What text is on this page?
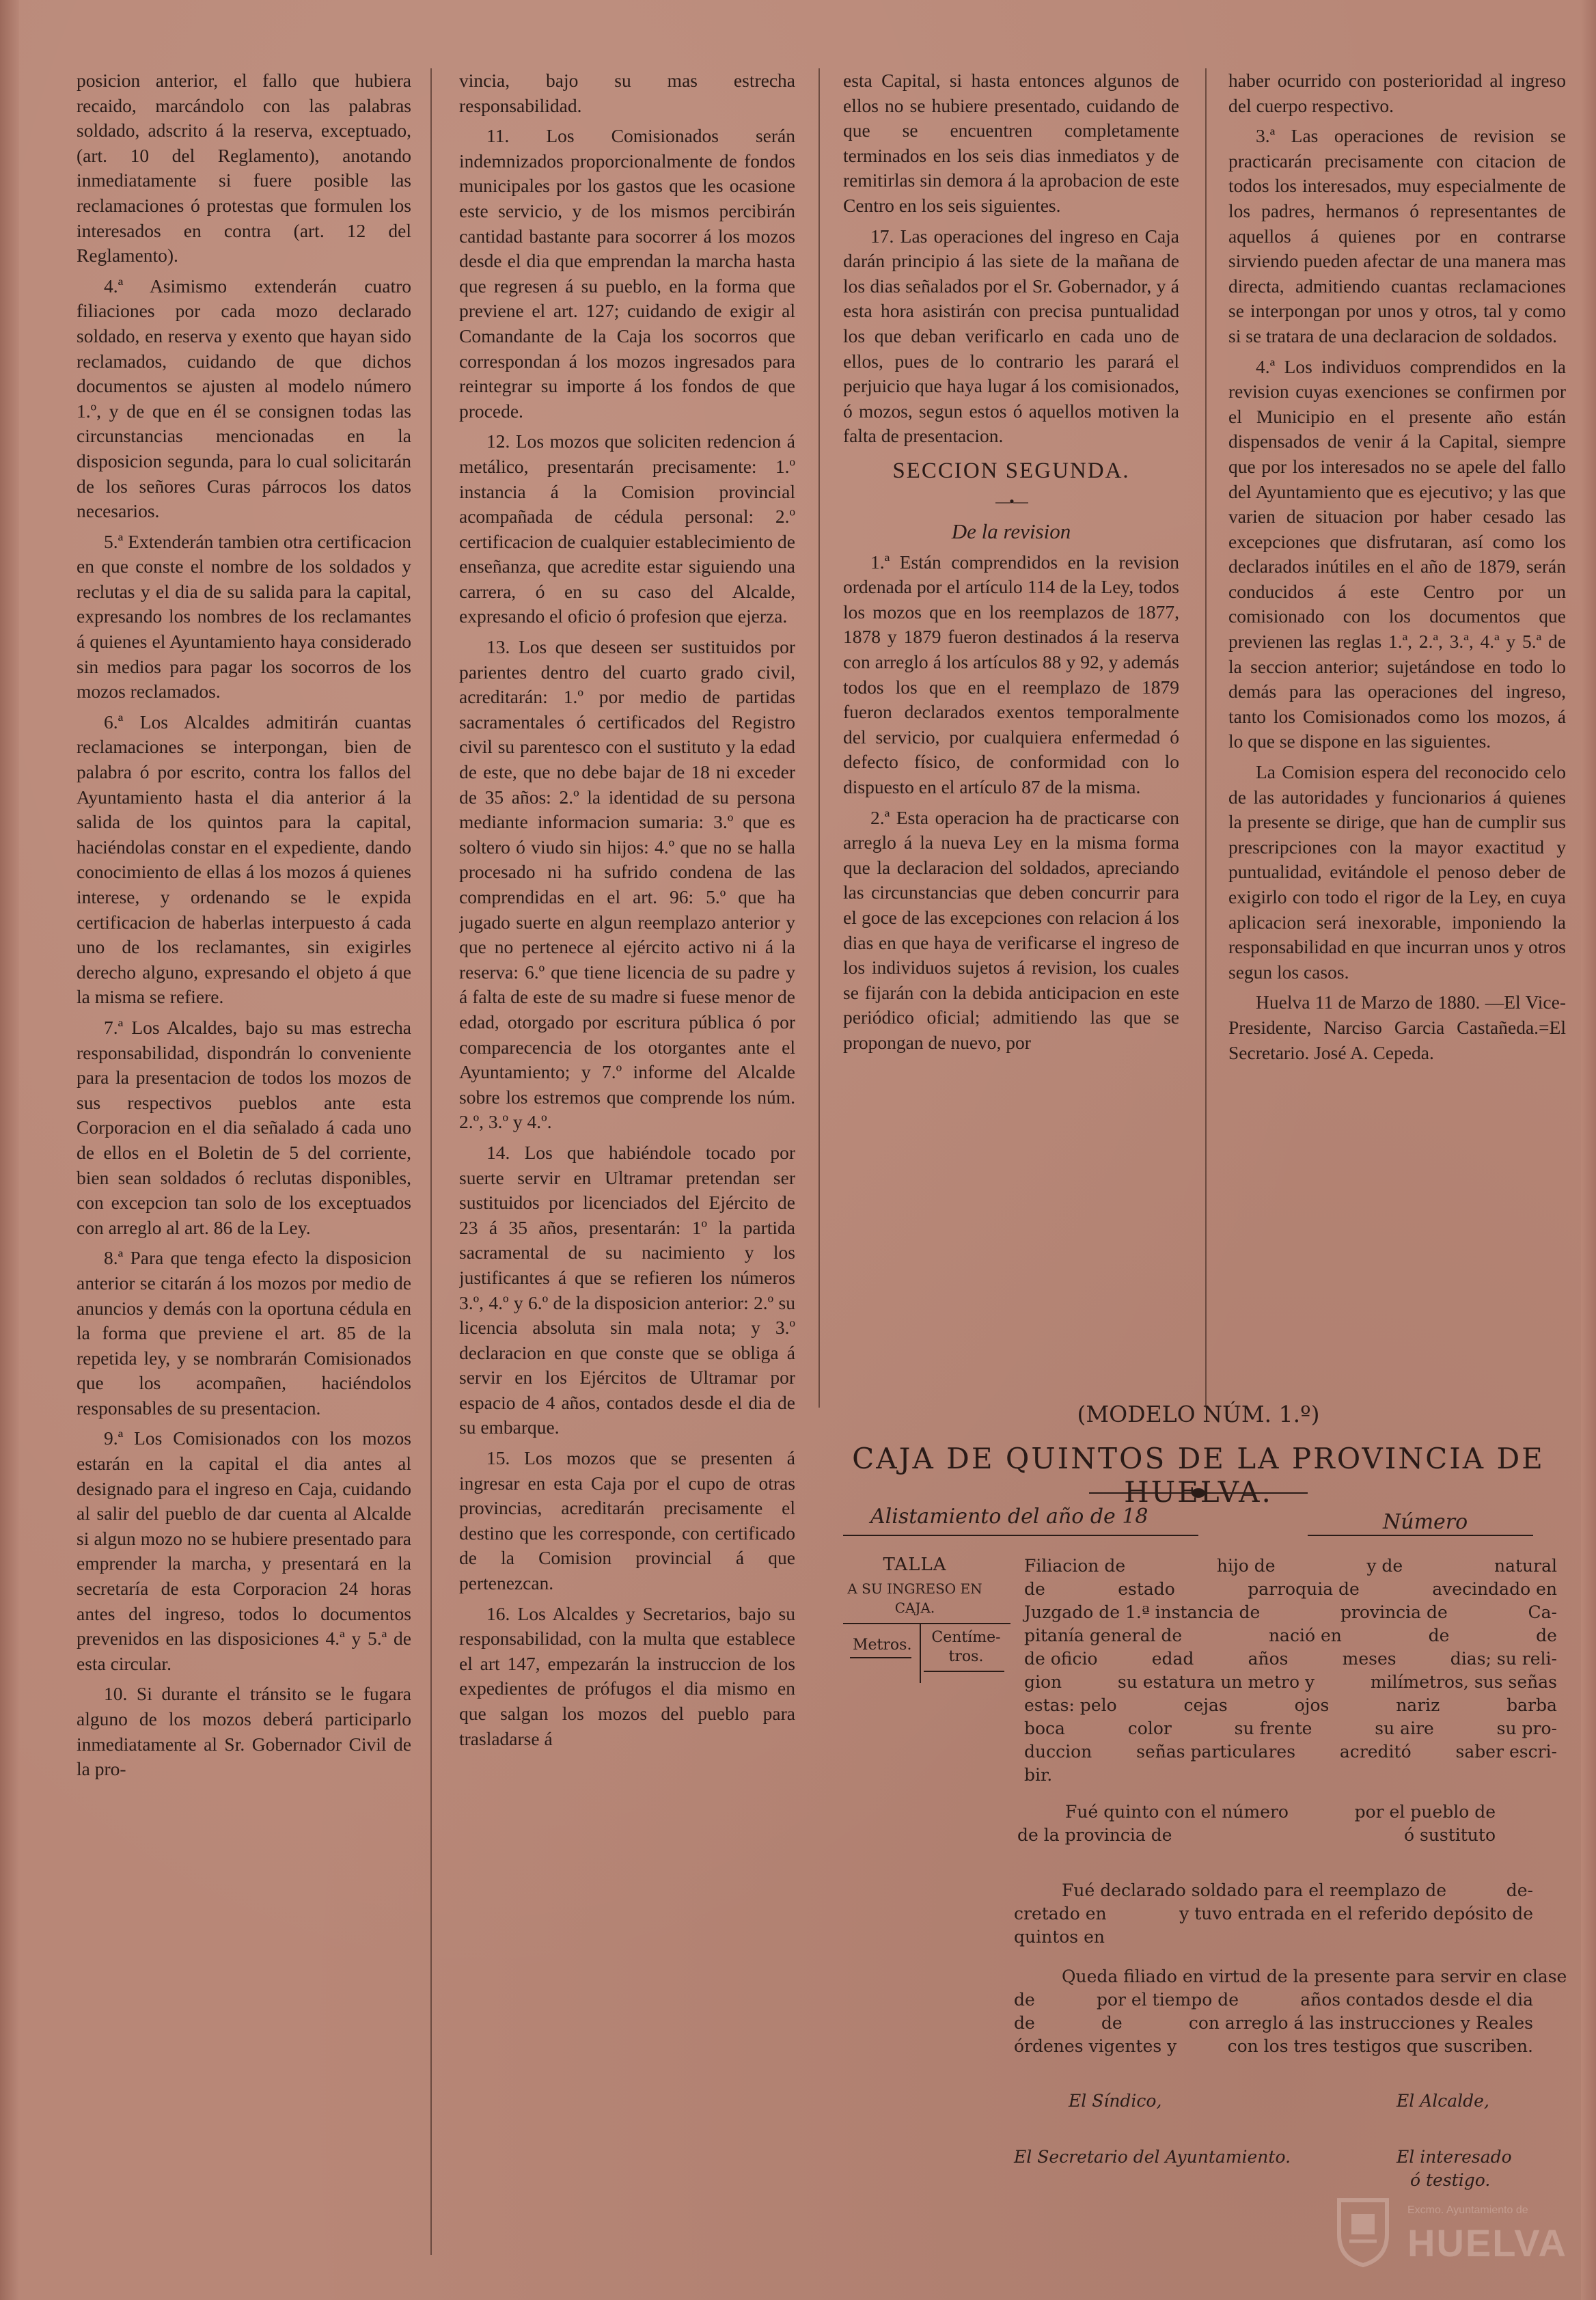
posicion anterior, el fallo que hubiera recaido, marcándolo con las palabras soldado, adscrito á la reserva, exceptuado, (art. 10 del Reglamento), anotando inmediatamente si fuere posible las reclamaciones ó protestas que formulen los interesados en contra (art. 12 del Reglamento).

4.ª Asimismo extenderán cuatro filiaciones por cada mozo declarado soldado, en reserva y exento que hayan sido reclamados, cuidando de que dichos documentos se ajusten al modelo número 1.º, y de que en él se consignen todas las circunstancias mencionadas en la disposicion segunda, para lo cual solicitarán de los señores Curas párrocos los datos necesarios.

5.ª Extenderán tambien otra certificacion en que conste el nombre de los soldados y reclutas y el dia de su salida para la capital, expresando los nombres de los reclamantes á quienes el Ayuntamiento haya considerado sin medios para pagar los socorros de los mozos reclamados.

6.ª Los Alcaldes admitirán cuantas reclamaciones se interpongan, bien de palabra ó por escrito, contra los fallos del Ayuntamiento hasta el dia anterior á la salida de los quintos para la capital, haciéndolas constar en el expediente, dando conocimiento de ellas á los mozos á quienes interese, y ordenando se le expida certificacion de haberlas interpuesto á cada uno de los reclamantes, sin exigirles derecho alguno, expresando el objeto á que la misma se refiere.

7.ª Los Alcaldes, bajo su mas estrecha responsabilidad, dispondrán lo conveniente para la presentacion de todos los mozos de sus respectivos pueblos ante esta Corporacion en el dia señalado á cada uno de ellos en el Boletin de 5 del corriente, bien sean soldados ó reclutas disponibles, con excepcion tan solo de los exceptuados con arreglo al art. 86 de la Ley.

8.ª Para que tenga efecto la disposicion anterior se citarán á los mozos por medio de anuncios y demás con la oportuna cédula en la forma que previene el art. 85 de la repetida ley, y se nombrarán Comisionados que los acompañen, haciéndolos responsables de su presentacion.

9.ª Los Comisionados con los mozos estarán en la capital el dia antes al designado para el ingreso en Caja, cuidando al salir del pueblo de dar cuenta al Alcalde si algun mozo no se hubiere presentado para emprender la marcha, y presentará en la secretaría de esta Corporacion 24 horas antes del ingreso, todos lo documentos prevenidos en las disposiciones 4.ª y 5.ª de esta circular.

10. Si durante el tránsito se le fugara alguno de los mozos deberá participarlo inmediatamente al Sr. Gobernador Civil de la pro-

vincia, bajo su mas estrecha responsabilidad.

11. Los Comisionados serán indemnizados proporcionalmente de fondos municipales por los gastos que les ocasione este servicio, y de los mismos percibirán cantidad bastante para socorrer á los mozos desde el dia que emprendan la marcha hasta que regresen á su pueblo, en la forma que previene el art. 127; cuidando de exigir al Comandante de la Caja los socorros que correspondan á los mozos ingresados para reintegrar su importe á los fondos de que procede.

12. Los mozos que soliciten redencion á metálico, presentarán precisamente: 1.º instancia á la Comision provincial acompañada de cédula personal: 2.º certificacion de cualquier establecimiento de enseñanza, que acredite estar siguiendo una carrera, ó en su caso del Alcalde, expresando el oficio ó profesion que ejerza.

13. Los que deseen ser sustituidos por parientes dentro del cuarto grado civil, acreditarán: 1.º por medio de partidas sacramentales ó certificados del Registro civil su parentesco con el sustituto y la edad de este, que no debe bajar de 18 ni exceder de 35 años: 2.º la identidad de su persona mediante informacion sumaria: 3.º que es soltero ó viudo sin hijos: 4.º que no se halla procesado ni ha sufrido condena de las comprendidas en el art. 96: 5.º que ha jugado suerte en algun reemplazo anterior y que no pertenece al ejército activo ni á la reserva: 6.º que tiene licencia de su padre y á falta de este de su madre si fuese menor de edad, otorgado por escritura pública ó por comparecencia de los otorgantes ante el Ayuntamiento; y 7.º informe del Alcalde sobre los estremos que comprende los núm. 2.º, 3.º y 4.º.

14. Los que habiéndole tocado por suerte servir en Ultramar pretendan ser sustituidos por licenciados del Ejército de 23 á 35 años, presentarán: 1º la partida sacramental de su nacimiento y los justificantes á que se refieren los números 3.º, 4.º y 6.º de la disposicion anterior: 2.º su licencia absoluta sin mala nota; y 3.º declaracion en que conste que se obliga á servir en los Ejércitos de Ultramar por espacio de 4 años, contados desde el dia de su embarque.

15. Los mozos que se presenten á ingresar en esta Caja por el cupo de otras provincias, acreditarán precisamente el destino que les corresponde, con certificado de la Comision provincial á que pertenezcan.

16. Los Alcaldes y Secretarios, bajo su responsabilidad, con la multa que establece el art 147, empezarán la instruccion de los expedientes de prófugos el dia mismo en que salgan los mozos del pueblo para trasladarse á

esta Capital, si hasta entonces algunos de ellos no se hubiere presentado, cuidando de que se encuentren completamente terminados en los seis dias inmediatos y de remitirlas sin demora á la aprobacion de este Centro en los seis siguientes.

17. Las operaciones del ingreso en Caja darán principio á las siete de la mañana de los dias señalados por el Sr. Gobernador, y á esta hora asistirán con precisa puntualidad los que deban verificarlo en cada uno de ellos, pues de lo contrario les parará el perjuicio que haya lugar á los comisionados, ó mozos, segun estos ó aquellos motiven la falta de presentacion.

SECCION SEGUNDA.

—•—

De la revision

1.ª Están comprendidos en la revision ordenada por el artículo 114 de la Ley, todos los mozos que en los reemplazos de 1877, 1878 y 1879 fueron destinados á la reserva con arreglo á los artículos 88 y 92, y además todos los que en el reemplazo de 1879 fueron declarados exentos temporalmente del servicio, por cualquiera enfermedad ó defecto físico, de conformidad con lo dispuesto en el artículo 87 de la misma.

2.ª Esta operacion ha de practicarse con arreglo á la nueva Ley en la misma forma que la declaracion del soldados, apreciando las circunstancias que deben concurrir para el goce de las excepciones con relacion á los dias en que haya de verificarse el ingreso de los individuos sujetos á revision, los cuales se fijarán con la debida anticipacion en este periódico oficial; admitiendo las que se propongan de nuevo, por

haber ocurrido con posterioridad al ingreso del cuerpo respectivo.

3.ª Las operaciones de revision se practicarán precisamente con citacion de todos los interesados, muy especialmente de los padres, hermanos ó representantes de aquellos á quienes por en contrarse sirviendo pueden afectar de una manera mas directa, admitiendo cuantas reclamaciones se interpongan por unos y otros, tal y como si se tratara de una declaracion de soldados.

4.ª Los individuos comprendidos en la revision cuyas exenciones se confirmen por el Municipio en el presente año están dispensados de venir á la Capital, siempre que por los interesados no se apele del fallo del Ayuntamiento que es ejecutivo; y las que varien de situacion por haber cesado las excepciones que disfrutaran, así como los declarados inútiles en el año de 1879, serán conducidos á este Centro por un comisionado con los documentos que previenen las reglas 1.ª, 2.ª, 3.ª, 4.ª y 5.ª de la seccion anterior; sujetándose en todo lo demás para las operaciones del ingreso, tanto los Comisionados como los mozos, á lo que se dispone en las siguientes.

La Comision espera del reconocido celo de las autoridades y funcionarios á quienes la presente se dirige, que han de cumplir sus prescripciones con la mayor exactitud y puntualidad, evitándole el penoso deber de exigirlo con todo el rigor de la Ley, en cuya aplicacion será inexorable, imponiendo la responsabilidad en que incurran unos y otros segun los casos.

Huelva 11 de Marzo de 1880. —El Vice-Presidente, Narciso Garcia Castañeda.=El Secretario. José A. Cepeda.

(MODELO NÚM. 1.º)
CAJA DE QUINTOS DE LA PROVINCIA DE
Alistamiento del año de 18	Número
TALLA
A SU INGRESO EN
CAJA.
Metros.	Centíme-
tros.
Filiacion de	hijo de	y de	natural
de	estado	parroquia de	avecindado en
Juzgado de 1.ª instancia de	provincia de	Ca-
pitanía general de	nació en	de	de
de oficio	edad	años	meses	dias; su reli-
gion	su estatura un metro y	milímetros, sus señas
estas: pelo	cejas	ojos	nariz	barba
boca	color	su frente	su aire	su pro-
duccion	señas particulares	acreditó	saber escri-
bir.
Fué quinto con el número	por el pueblo de
de la provincia de	ó sustituto
Fué declarado soldado para el reemplazo de	de-
cretado en	y tuvo entrada en el referido depósito de
quintos en
Queda filiado en virtud de la presente para servir en clase
de	por el tiempo de	años contados desde el dia
de	de	con arreglo á las instrucciones y Reales
órdenes vigentes y	con los tres testigos que suscriben.
El Síndico,	El Alcalde,
El Secretario del Ayuntamiento.	El interesado
ó testigo.
Excmo. Ayuntamiento de
HUELVA
